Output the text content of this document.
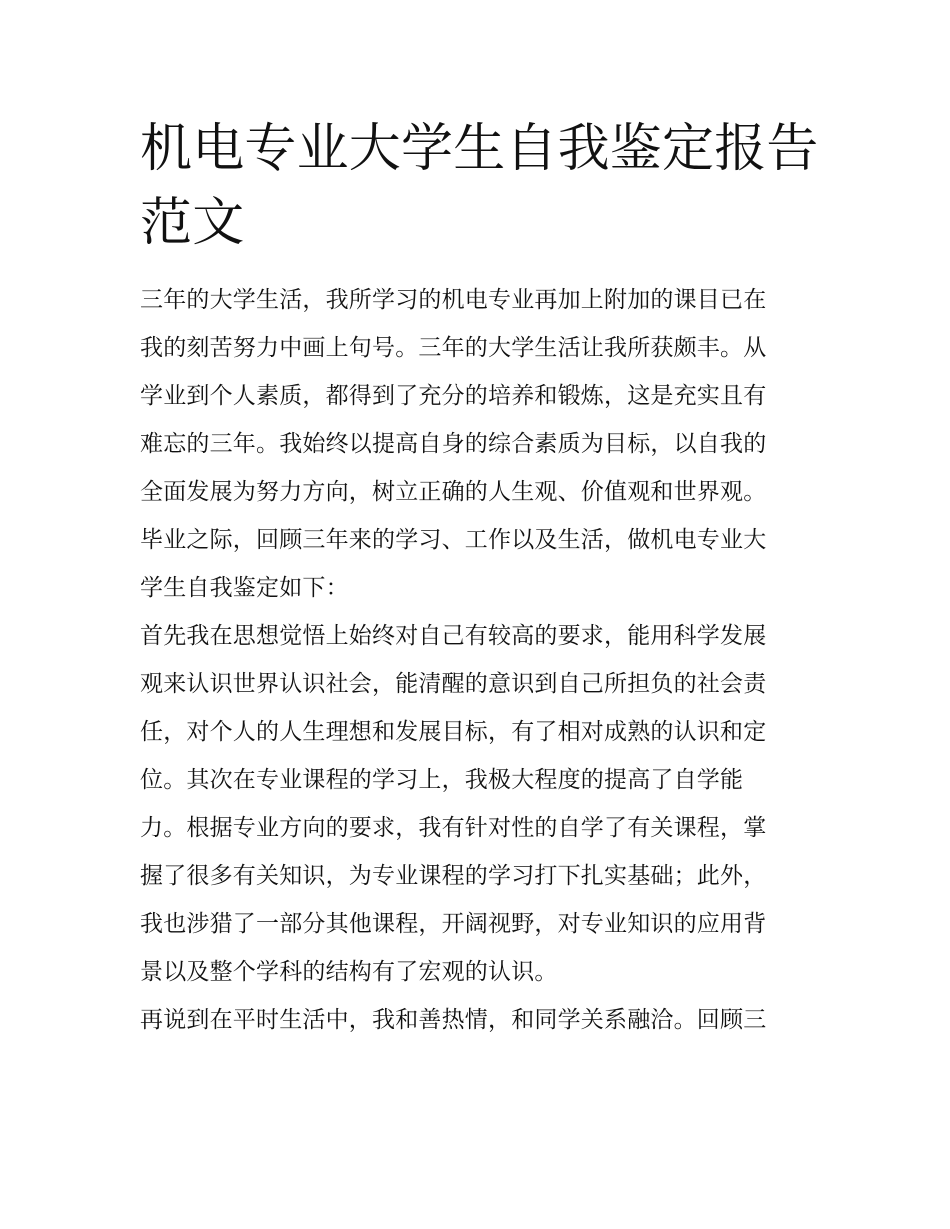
机电专业大学生自我鉴定报告
范文
三年的大学生活，我所学习的机电专业再加上附加的课目已在
我的刻苦努力中画上句号。三年的大学生活让我所获颇丰。从
学业到个人素质，都得到了充分的培养和锻炼，这是充实且有
难忘的三年。我始终以提高自身的综合素质为目标，以自我的
全面发展为努力方向，树立正确的人生观、价值观和世界观。
毕业之际，回顾三年来的学习、工作以及生活，做机电专业大
学生自我鉴定如下：
首先我在思想觉悟上始终对自己有较高的要求，能用科学发展
观来认识世界认识社会，能清醒的意识到自己所担负的社会责
任，对个人的人生理想和发展目标，有了相对成熟的认识和定
位。其次在专业课程的学习上，我极大程度的提高了自学能
力。根据专业方向的要求，我有针对性的自学了有关课程，掌
握了很多有关知识，为专业课程的学习打下扎实基础；此外，
我也涉猎了一部分其他课程，开阔视野，对专业知识的应用背
景以及整个学科的结构有了宏观的认识。
再说到在平时生活中，我和善热情，和同学关系融洽。回顾三
